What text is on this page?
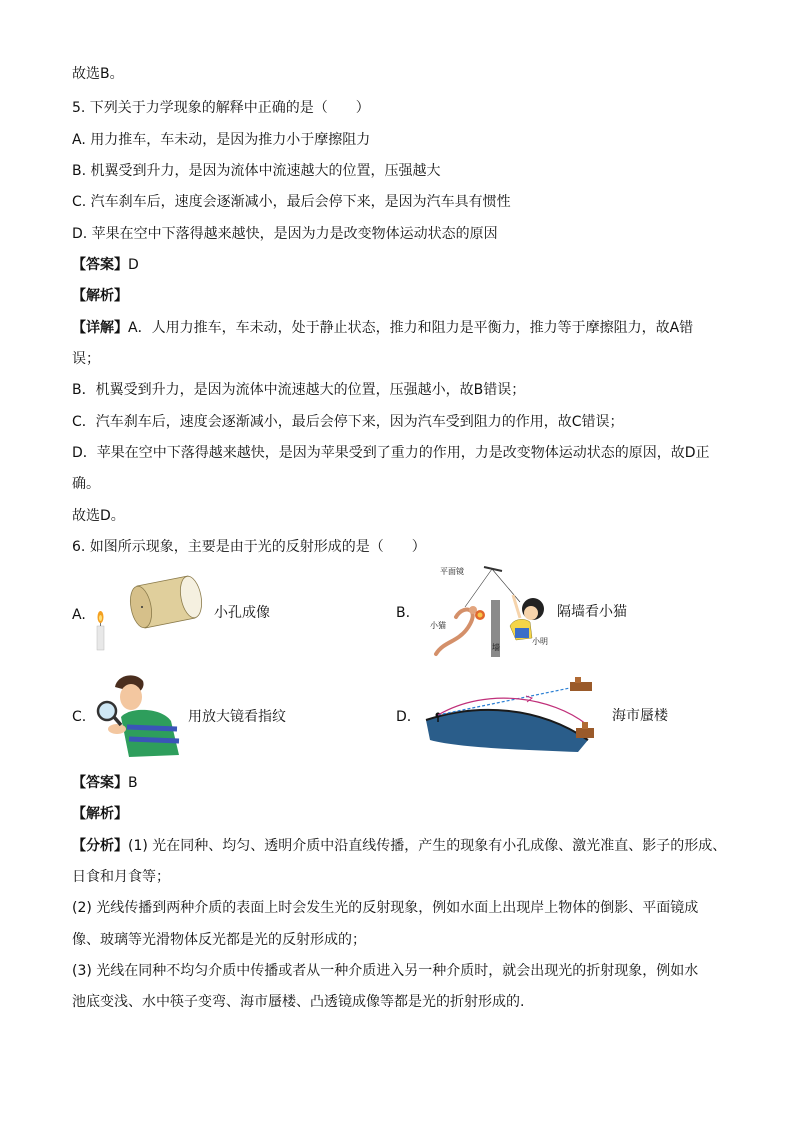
故选B。
5. 下列关于力学现象的解释中正确的是（　　）
A. 用力推车，车未动，是因为推力小于摩擦阻力
B. 机翼受到升力，是因为流体中流速越大的位置，压强越大
C. 汽车刹车后，速度会逐渐减小，最后会停下来，是因为汽车具有惯性
D. 苹果在空中下落得越来越快，是因为力是改变物体运动状态的原因
【答案】D
【解析】
【详解】A．人用力推车，车未动，处于静止状态，推力和阻力是平衡力，推力等于摩擦阻力，故A错
误；
B．机翼受到升力，是因为流体中流速越大的位置，压强越小，故B错误；
C．汽车刹车后，速度会逐渐减小，最后会停下来，因为汽车受到阻力的作用，故C错误；
D．苹果在空中下落得越来越快，是因为苹果受到了重力的作用，力是改变物体运动状态的原因，故D正
确。
故选D。
6. 如图所示现象，主要是由于光的反射形成的是（　　）
A.	小孔成像	B.
平面镜
小猫
墙
小明
隔墙看小猫
C.	用放大镜看指纹	D.	海市蜃楼
【答案】B
【解析】
【分析】(1) 光在同种、均匀、透明介质中沿直线传播，产生的现象有小孔成像、激光准直、影子的形成、
日食和月食等；
(2) 光线传播到两种介质的表面上时会发生光的反射现象，例如水面上出现岸上物体的倒影、平面镜成
像、玻璃等光滑物体反光都是光的反射形成的；
(3) 光线在同种不均匀介质中传播或者从一种介质进入另一种介质时，就会出现光的折射现象，例如水
池底变浅、水中筷子变弯、海市蜃楼、凸透镜成像等都是光的折射形成的.
